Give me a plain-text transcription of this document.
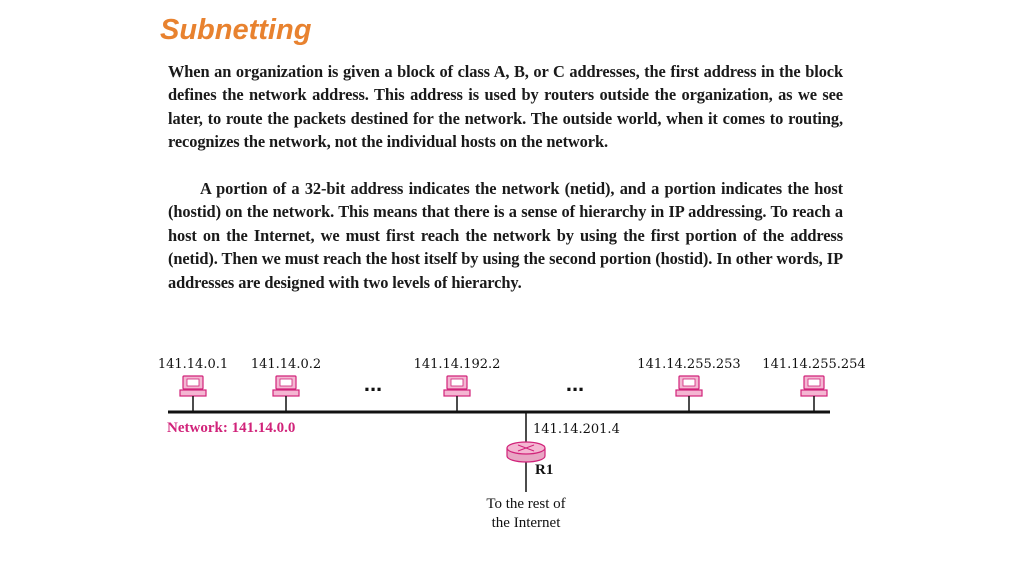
Subnetting

When an organization is given a block of class A, B, or C addresses, the first address in the block defines the network address. This address is used by routers outside the organization, as we see later, to route the packets destined for the network. The outside world, when it comes to routing, recognizes the network, not the individual hosts on the network.

A portion of a 32-bit address indicates the network (netid), and a portion indicates the host (hostid) on the network. This means that there is a sense of hierarchy in IP addressing. To reach a host on the Internet, we must first reach the network by using the first portion of the address (netid). Then we must reach the host itself by using the second portion (hostid). In other words, IP addresses are designed with two levels of hierarchy.

141.14.0.1 141.14.0.2	141.14.192.2	141.14.255.253 141.14.255.254
...	...
Network: 141.14.0.0	141.14.201.4
R1
To the rest of
the Internet
